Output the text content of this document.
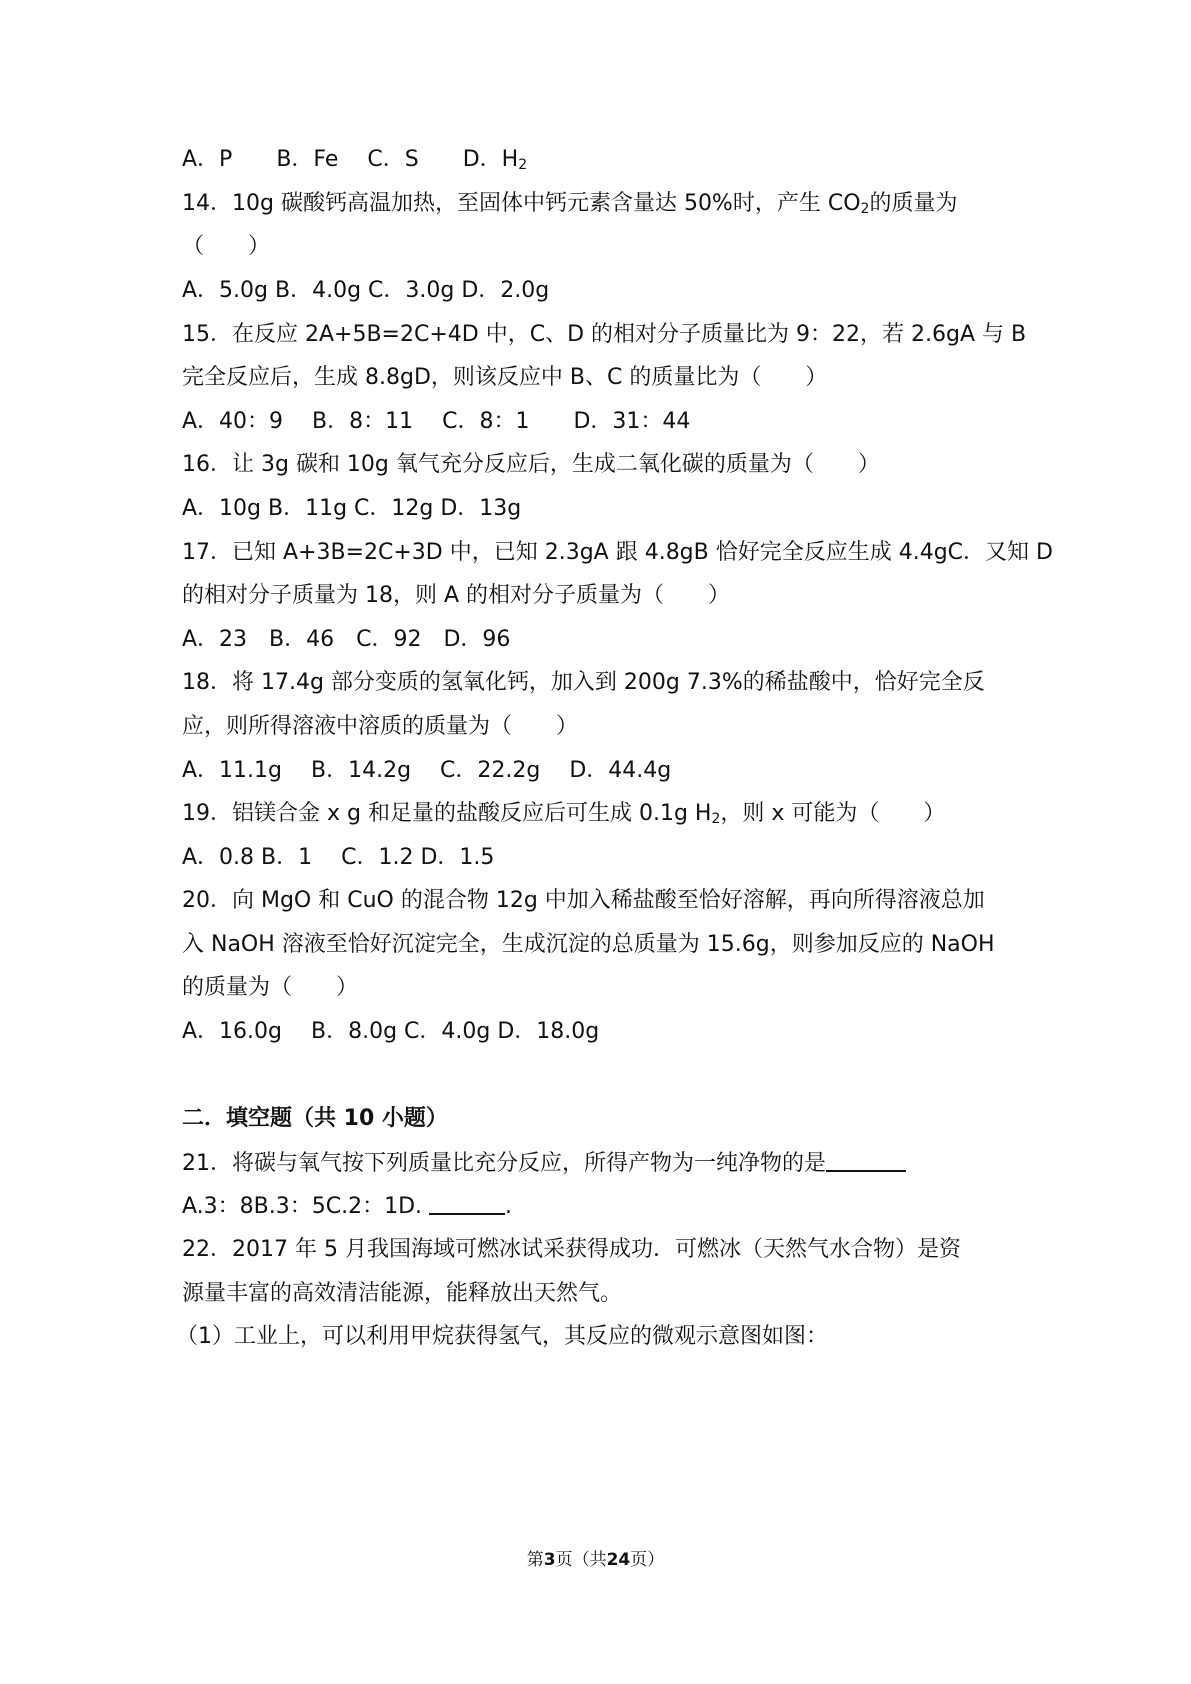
A．P　　B．Fe　 C．S　　D．$H_2$
14．10g 碳酸钙高温加热，至固体中钙元素含量达 50%时，产生 $CO_2$的质量为
（　　）
A．5.0g B．4.0g C．3.0g D．2.0g
15．在反应 2A+5B=2C+4D 中，C、D 的相对分子质量比为 9：22，若 2.6gA 与 B
完全反应后，生成 8.8gD，则该反应中 B、C 的质量比为（　　）
A．40：9　 B．8：11　 C．8：1　　D．31：44
16．让 3g 碳和 10g 氧气充分反应后，生成二氧化碳的质量为（　　）
A．10g B．11g C．12g D．13g
17．已知 A+3B=2C+3D 中，已知 2.3gA 跟 4.8gB 恰好完全反应生成 4.4gC．又知 D
的相对分子质量为 18，则 A 的相对分子质量为（　　）
A．23　B．46　C．92　D．96
18．将 17.4g 部分变质的氢氧化钙，加入到 200g 7.3%的稀盐酸中，恰好完全反
应，则所得溶液中溶质的质量为（　　）
A．11.1g　 B．14.2g　 C．22.2g　 D．44.4g
19．铝镁合金 x g 和足量的盐酸反应后可生成 0.1g $H_2$，则 x 可能为（　　）
A．0.8 B．1　 C．1.2 D．1.5
20．向 MgO 和 CuO 的混合物 12g 中加入稀盐酸至恰好溶解，再向所得溶液总加
入 NaOH 溶液至恰好沉淀完全，生成沉淀的总质量为 15.6g，则参加反应的 NaOH
的质量为（　　）
A．16.0g　 B．8.0g C．4.0g D．18.0g
二．填空题（共 10 小题）
21．将碳与氧气按下列质量比充分反应，所得产物为一纯净物的是
A.3：8B.3：5C.2：1D.	.
22．2017 年 5 月我国海域可燃冰试采获得成功．可燃冰（天然气水合物）是资
源量丰富的高效清洁能源，能释放出天然气。
（1）工业上，可以利用甲烷获得氢气，其反应的微观示意图如图：
第3页（共24页）
